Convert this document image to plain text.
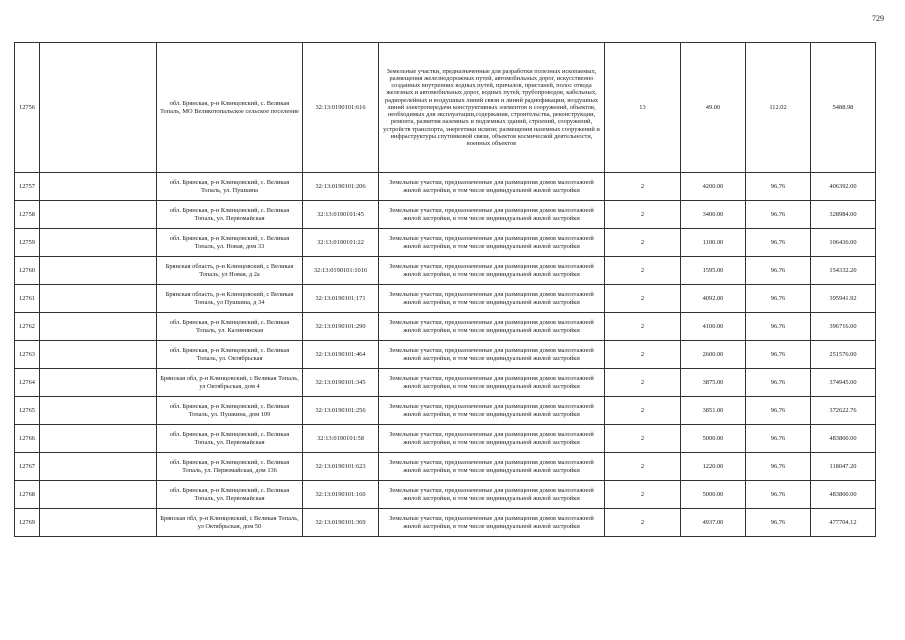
729
12756		обл. Брянская, р-н Клинцовский, с. Великая Топаль, МО Великотопальское сельское поселение	32:13:0190101:616	Земельные участки, предназначенные для разработки полезных ископаемых, размещения железнодорожных путей, автомобильных дорог, искусственно созданных внутренних водных путей, причалов, пристаней, полос отвода железных и автомобильных дорог, водных путей, трубопроводов, кабельных, радиорелейных и воздушных линий связи и линий радиофикации, воздушных линий электропередачи конструктивных элементов и сооружений, объектов, необходимых для эксплуатации,содержания, строительства, реконструкции, ремонта, развития наземных и подземных зданий, строений, сооружений, устройств транспорта, энергетики исвязи; размещения наземных сооружений и инфраструктуры спутниковой связи, объектов космической деятельности, военных объектов	13	49.00	112.02	5488.98
12757		обл. Брянская, р-н Клинцовский, с. Великая Топаль, ул. Пушкина	32:13:0190101:206	Земельные участки, предназначенные для размещения домов малоэтажной жилой застройки, в том числе индивидуальной жилой застройки	2	4200.00	96.76	406392.00
12758		обл. Брянская, р-н Клинцовский, с. Великая Топаль, ул. Первомайская	32:13:0190101:45	Земельные участки, предназначенные для размещения домов малоэтажной жилой застройки, в том числе индивидуальной жилой застройки	2	3400.00	96.76	328984.00
12759		обл. Брянская, р-н Клинцовский, с. Великая Топаль, ул. Новая, дом 33	32:13:0190101:22	Земельные участки, предназначенные для размещения домов малоэтажной жилой застройки, в том числе индивидуальной жилой застройки	2	1100.00	96.76	106436.00
12760		Брянская область, р-н Клинцовский, с Великая Топаль, ул Новая, д 2а	32:13:0190101:1016	Земельные участки, предназначенные для размещения домов малоэтажной жилой застройки, в том числе индивидуальной жилой застройки	2	1595.00	96.76	154332.20
12761		Брянская область, р-н Клинцовский, с Великая Топаль, ул Пушкина, д 34	32:13:0190101:171	Земельные участки, предназначенные для размещения домов малоэтажной жилой застройки, в том числе индивидуальной жилой застройки	2	4092.00	96.76	395941.92
12762		обл. Брянская, р-н Клинцовский, с. Великая Топаль, ул. Калининская	32:13:0190101:290	Земельные участки, предназначенные для размещения домов малоэтажной жилой застройки, в том числе индивидуальной жилой застройки	2	4100.00	96.76	396716.00
12763		обл. Брянская, р-н Клинцовский, с. Великая Топаль, ул. Октябрьская	32:13:0190101:464	Земельные участки, предназначенные для размещения домов малоэтажной жилой застройки, в том числе индивидуальной жилой застройки	2	2600.00	96.76	251576.00
12764		Брянская обл, р-н Клинцовский, с Великая Топаль, ул Октябрьская, дом 4	32:13:0190101:345	Земельные участки, предназначенные для размещения домов малоэтажной жилой застройки, в том числе индивидуальной жилой застройки	2	3875.00	96.76	374945.00
12765		обл. Брянская, р-н Клинцовский, с. Великая Топаль, ул. Пушкина, дом 109	32:13:0190101:256	Земельные участки, предназначенные для размещения домов малоэтажной жилой застройки, в том числе индивидуальной жилой застройки	2	3851.00	96.76	372622.76
12766		обл. Брянская, р-н Клинцовский, с. Великая Топаль, ул. Первомайская	32:13:0190101:58	Земельные участки, предназначенные для размещения домов малоэтажной жилой застройки, в том числе индивидуальной жилой застройки	2	5000.00	96.76	483800.00
12767		обл. Брянская, р-н Клинцовский, с. Великая Топаль, ул. Первомайская, дом 136	32:13:0190101:623	Земельные участки, предназначенные для размещения домов малоэтажной жилой застройки, в том числе индивидуальной жилой застройки	2	1220.00	96.76	118047.20
12768		обл. Брянская, р-н Клинцовский, с. Великая Топаль, ул. Первомайская	32:13:0190101:160	Земельные участки, предназначенные для размещения домов малоэтажной жилой застройки, в том числе индивидуальной жилой застройки	2	5000.00	96.76	483800.00
12769		Брянская обл, р-н Клинцовский, с Великая Топаль, ул Октябрьская, дом 50	32:13:0190101:369	Земельные участки, предназначенные для размещения домов малоэтажной жилой застройки, в том числе индивидуальной жилой застройки	2	4937.00	96.76	477704.12
